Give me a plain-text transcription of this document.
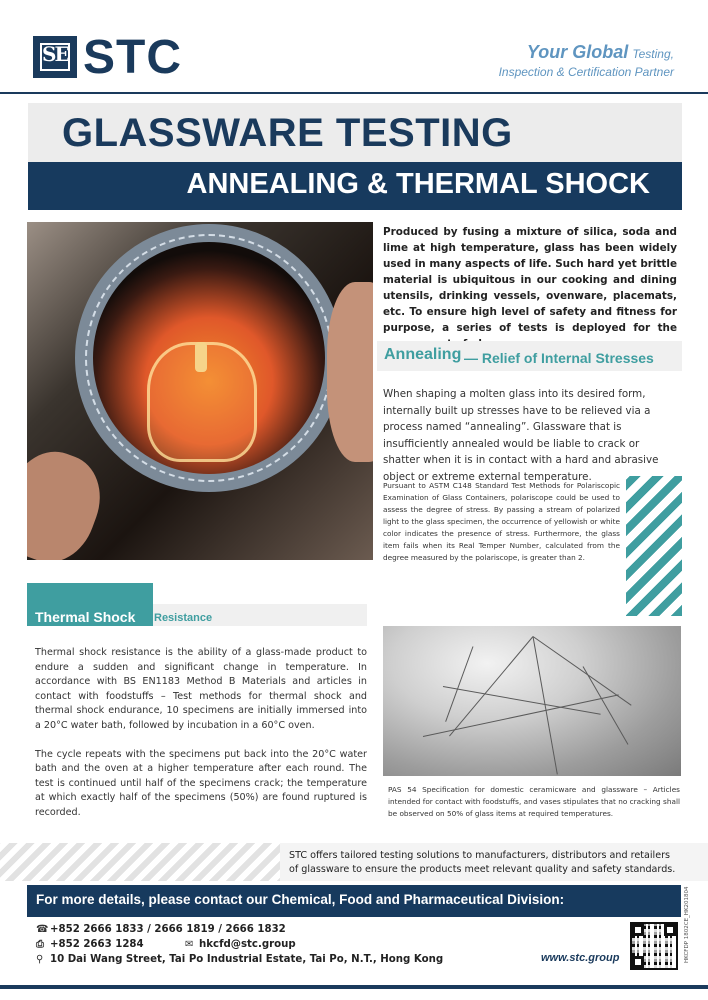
SE STC	Your Global Testing,
Inspection & Certification Partner
GLASSWARE TESTING
ANNEALING & THERMAL SHOCK
Produced by fusing a mixture of silica, soda and lime at high temperature, glass has been widely used in many aspects of life. Such hard yet brittle material is ubiquitous in our cooking and dining utensils, drinking vessels, ovenware, placemats, etc. To ensure high level of safety and fitness for purpose, a series of tests is deployed for the
Annealing — Relief of Internal Stresses
When shaping a molten glass into its desired form, internally built up stresses have to be relieved via a process named “annealing”. Glassware that is insufficiently annealed would be liable to crack or shatter when it is in contact with a hard and abrasive object or extreme external temperature.
Pursuant to ASTM C148 Standard Test Methods for Polariscopic Examination of Glass Containers, polariscope could be used to assess the degree of stress. By passing a stream of polarized light to the glass specimen, the occurrence of yellowish or white color indicates the presence of stress. Furthermore, the glass item fails when its Real Temper Number, calculated from the degree measured by the polariscope, is greater than 2.
Thermal Shock Resistance

Thermal shock resistance is the ability of a glass-made product to endure a sudden and significant change in temperature. In accordance with BS EN1183 Method B Materials and articles in contact with foodstuffs – Test methods for thermal shock and thermal shock endurance, 10 specimens are initially immersed into a 20°C water bath, followed by incubation in a 60°C oven.

The cycle repeats with the specimens put back into the 20°C water bath and the oven at a higher temperature after each round. The test is continued until half of the specimens crack; the temperature at which exactly half of the specimens (50%) are found ruptured is recorded.

PAS 54 Specification for domestic ceramicware and glassware – Articles intended for contact with foodstuffs, and vases stipulates that no cracking shall be observed on 50% of glass items at required temperatures.
STC offers tailored testing solutions to manufacturers, distributors and retailers of glassware to ensure the products meet relevant quality and safety standards.
For more details, please contact our Chemical, Food and Pharmaceutical Division:
☎ +852 2666 1833 / 2666 1819 / 2666 1832
⎙ +852 2663 1284	✉ hkcfd@stc.group
⚲ 10 Dai Wang Street, Tai Po Industrial Estate, Tai Po, N.T., Hong Kong	www.stc.group	HKCFDP 1802CE_HK201804
